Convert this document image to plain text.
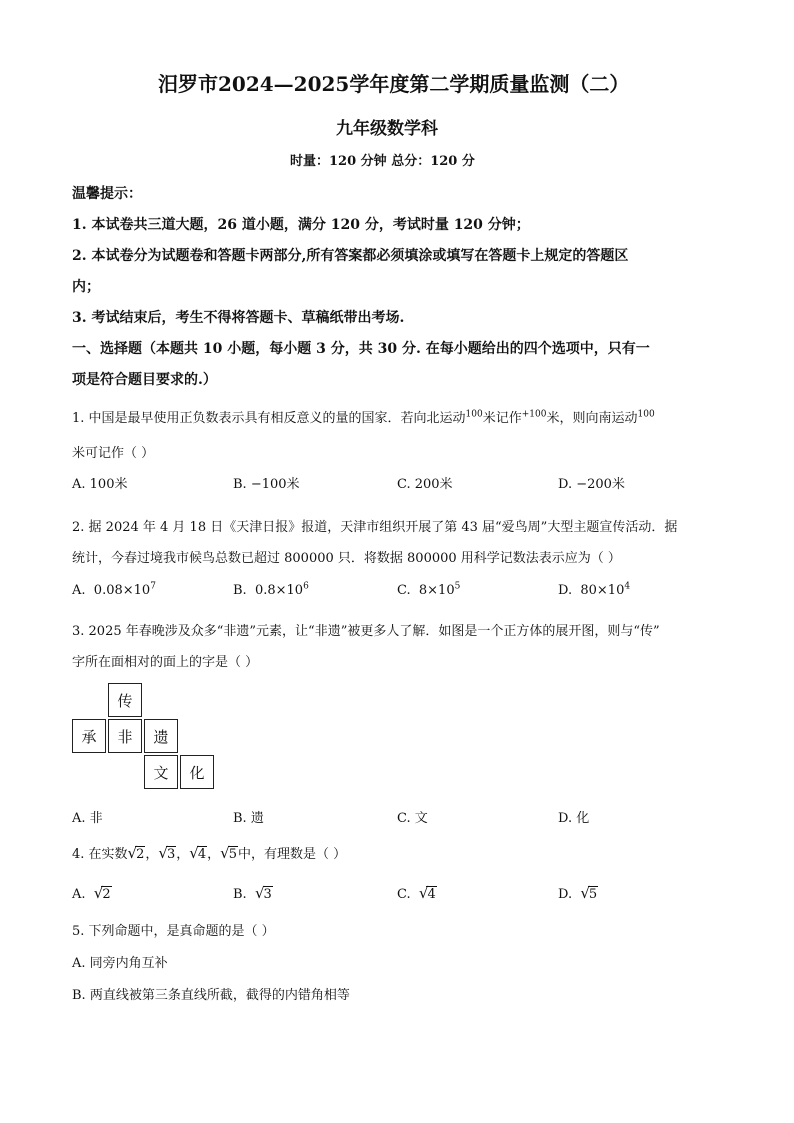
汨罗市2024—2025学年度第二学期质量监测（二）
九年级数学科
时量：120 分钟 总分：120 分
温馨提示：
1. 本试卷共三道大题，26 道小题，满分 120 分，考试时量 120 分钟；
2. 本试卷分为试题卷和答题卡两部分,所有答案都必须填涂或填写在答题卡上规定的答题区
内；
3. 考试结束后，考生不得将答题卡、草稿纸带出考场.
一、选择题（本题共 10 小题，每小题 3 分，共 30 分. 在每小题给出的四个选项中，只有一
项是符合题目要求的.）
1. 中国是最早使用正负数表示具有相反意义的量的国家．若向北运动$^{100}$米记作$^{+100}$米，则向南运动$^{100}$
米可记作（ ）
A. 100米	B. −100米	C. 200米	D. −200米
2. 据 2024 年 4 月 18 日《天津日报》报道，天津市组织开展了第 43 届“爱鸟周”大型主题宣传活动．据
统计，今春过境我市候鸟总数已超过 800000 只．将数据 800000 用科学记数法表示应为（ ）
A. $0.08\times 10^7$	B. $0.8\times 10^6$	C. $8\times 10^5$	D. $80\times 10^4$
3. 2025 年春晚涉及众多“非遗”元素，让“非遗”被更多人了解．如图是一个正方体的展开图，则与“传”
字所在面相对的面上的字是（ ）
传
承	非	遗
文	化
A. 非	B. 遗	C. 文	D. 化
4. 在实数√2，√3，√4，√5中，有理数是（ ）
A. √2	B. √3	C. √4	D. √5
5. 下列命题中，是真命题的是（ ）
A. 同旁内角互补
B. 两直线被第三条直线所截，截得的内错角相等
